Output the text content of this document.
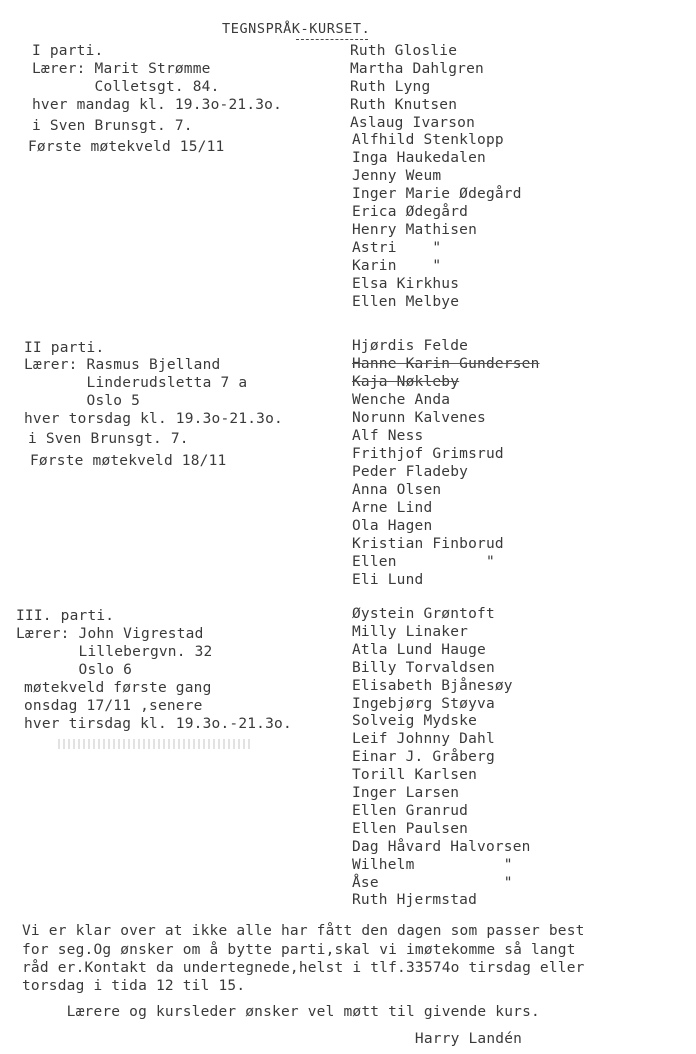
TEGNSPRÅK-KURSET.
I parti.
Lærer: Marit Strømme
Colletsgt. 84.
hver mandag kl. 19.3o-21.3o.
i Sven Brunsgt. 7.
Første møtekveld 15/11
Ruth Gloslie
Martha Dahlgren
Ruth Lyng
Ruth Knutsen
Aslaug Ivarson
Alfhild Stenklopp
Inga Haukedalen
Jenny Weum
Inger Marie Ødegård
Erica Ødegård
Henry Mathisen
Astri    "
Karin    "
Elsa Kirkhus
Ellen Melbye
II parti.
Lærer: Rasmus Bjelland
Linderudsletta 7 a
Oslo 5
hver torsdag kl. 19.3o-21.3o.
i Sven Brunsgt. 7.
Første møtekveld 18/11
Hjørdis Felde
Hanne Karin Gundersen
Kaja Nøkleby
Wenche Anda
Norunn Kalvenes
Alf Ness
Frithjof Grimsrud
Peder Fladeby
Anna Olsen
Arne Lind
Ola Hagen
Kristian Finborud
Ellen          "
Eli Lund
III. parti.
Lærer: John Vigrestad
Lillebergvn. 32
Oslo 6
møtekveld første gang
onsdag 17/11 ,senere
hver tirsdag kl. 19.3o.-21.3o.
Øystein Grøntoft
Milly Linaker
Atla Lund Hauge
Billy Torvaldsen
Elisabeth Bjånesøy
Ingebjørg Støyva
Solveig Mydske
Leif Johnny Dahl
Einar J. Gråberg
Torill Karlsen
Inger Larsen
Ellen Granrud
Ellen Paulsen
Dag Håvard Halvorsen
Wilhelm          "
Åse              "
Ruth Hjermstad
Vi er klar over at ikke alle har fått den dagen som passer best
for seg.Og ønsker om å bytte parti,skal vi imøtekomme så langt
råd er.Kontakt da undertegnede,helst i tlf.33574o tirsdag eller
torsdag i tida 12 til 15.
Lærere og kursleder ønsker vel møtt til givende kurs.
Harry Landén
